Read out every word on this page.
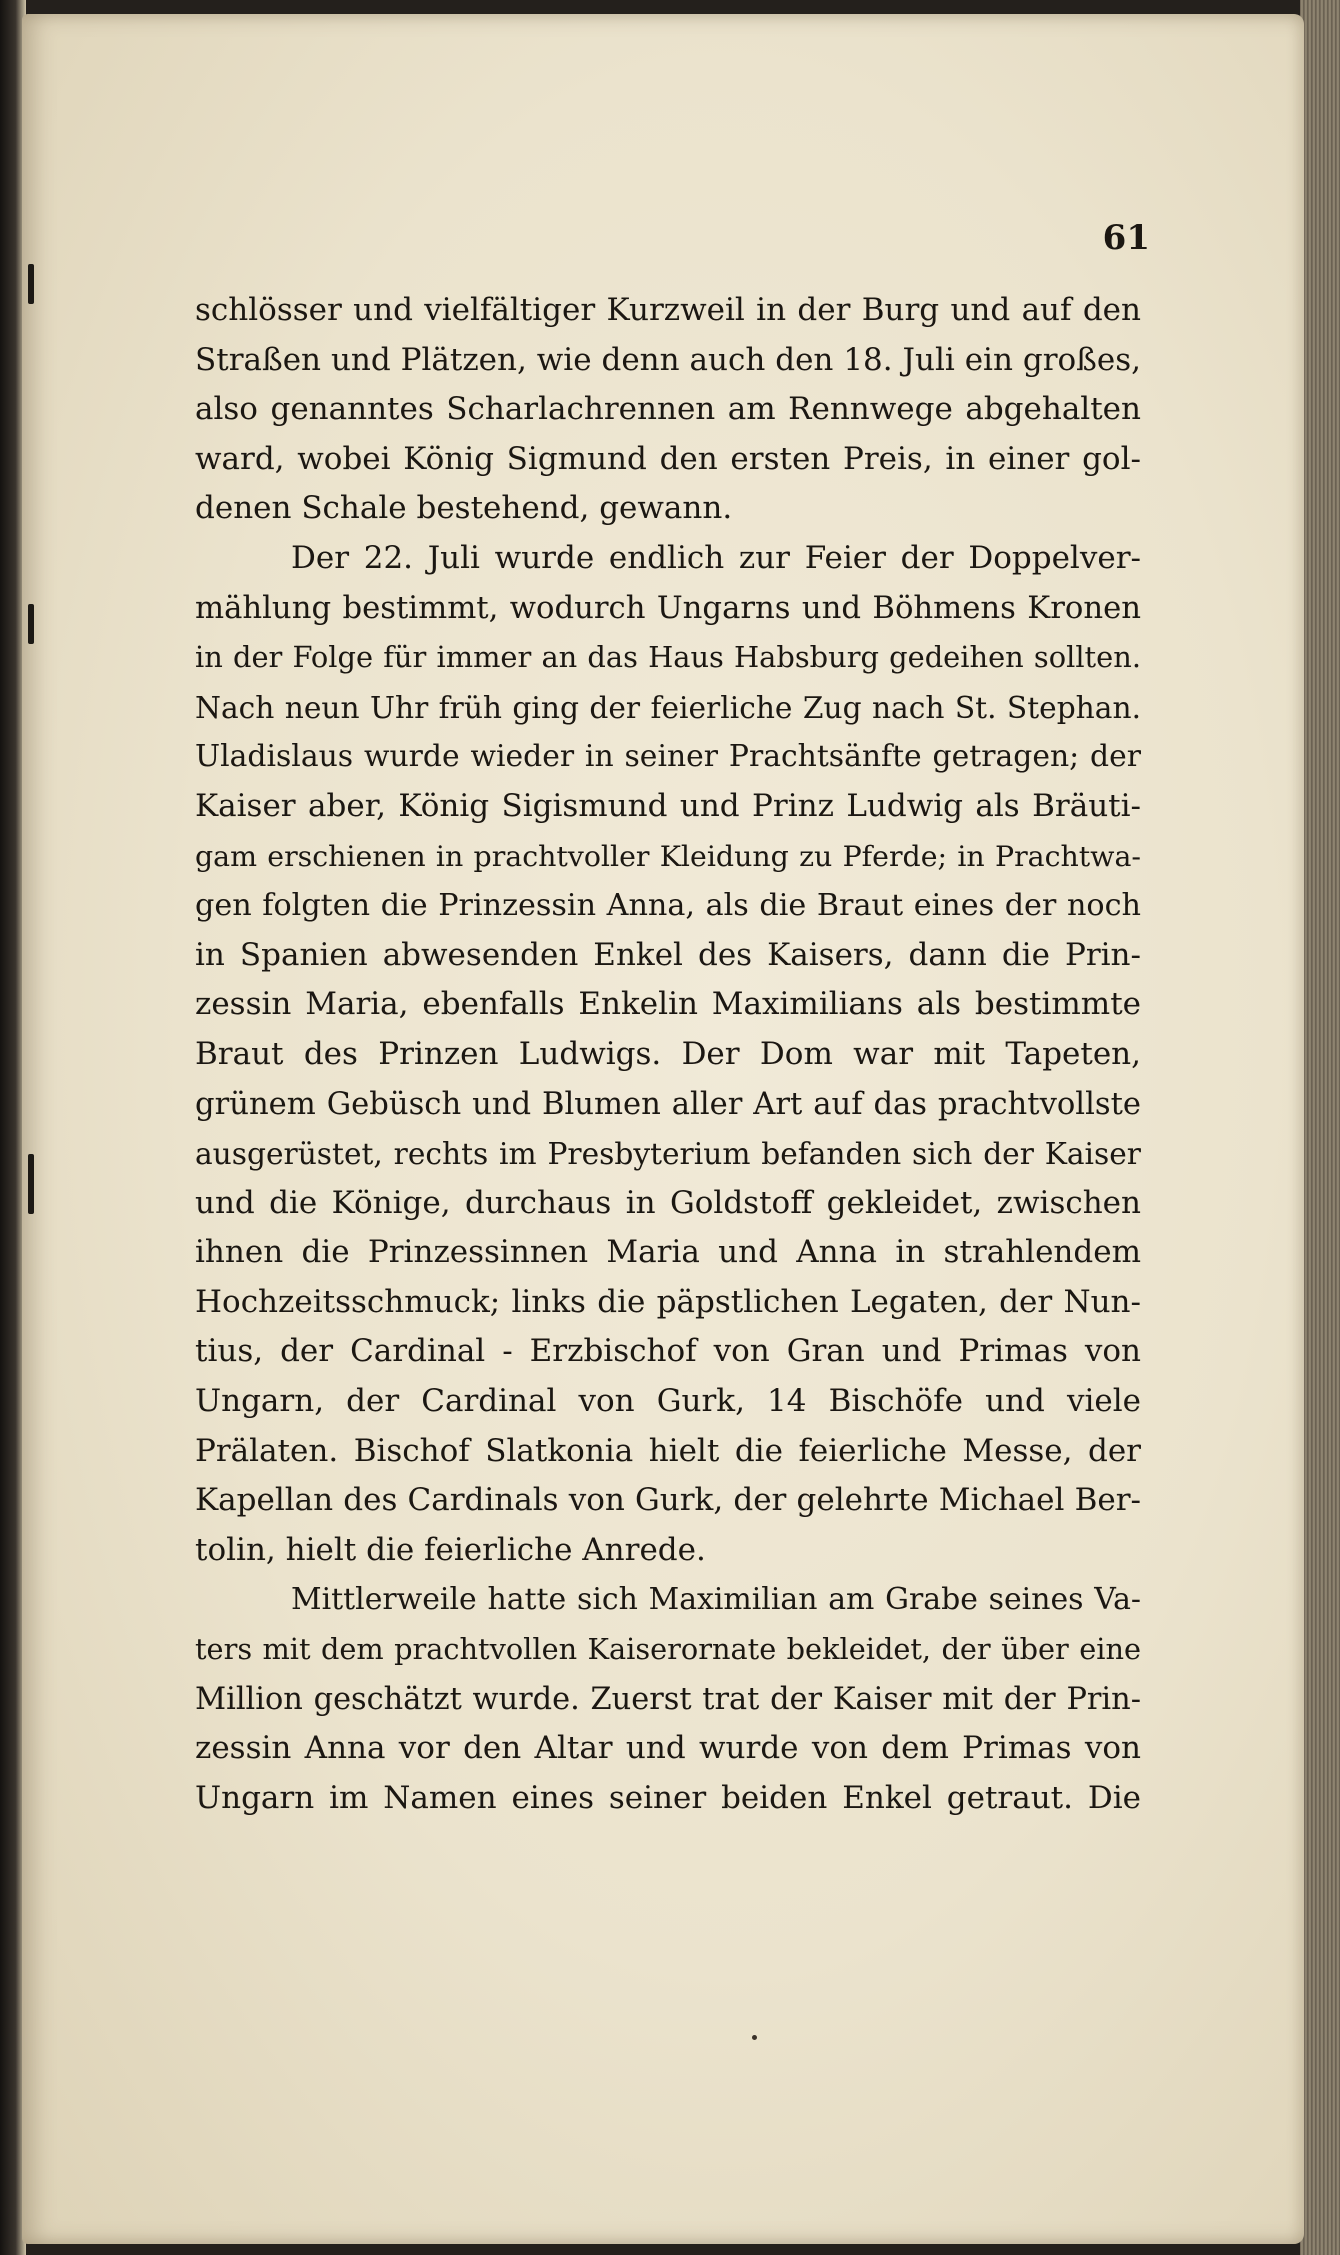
61
schlösser und vielfältiger Kurzweil in der Burg und auf den
Straßen und Plätzen, wie denn auch den 18. Juli ein großes,
also genanntes Scharlachrennen am Rennwege abgehalten
ward, wobei König Sigmund den ersten Preis, in einer gol-
denen Schale bestehend, gewann.
Der 22. Juli wurde endlich zur Feier der Doppelver-
mählung bestimmt, wodurch Ungarns und Böhmens Kronen
in der Folge für immer an das Haus Habsburg gedeihen sollten.
Nach neun Uhr früh ging der feierliche Zug nach St. Stephan.
Uladislaus wurde wieder in seiner Prachtsänfte getragen; der
Kaiser aber, König Sigismund und Prinz Ludwig als Bräuti-
gam erschienen in prachtvoller Kleidung zu Pferde; in Prachtwa-
gen folgten die Prinzessin Anna, als die Braut eines der noch
in Spanien abwesenden Enkel des Kaisers, dann die Prin-
zessin Maria, ebenfalls Enkelin Maximilians als bestimmte
Braut des Prinzen Ludwigs. Der Dom war mit Tapeten,
grünem Gebüsch und Blumen aller Art auf das prachtvollste
ausgerüstet, rechts im Presbyterium befanden sich der Kaiser
und die Könige, durchaus in Goldstoff gekleidet, zwischen
ihnen die Prinzessinnen Maria und Anna in strahlendem
Hochzeitsschmuck; links die päpstlichen Legaten, der Nun-
tius, der Cardinal - Erzbischof von Gran und Primas von
Ungarn, der Cardinal von Gurk, 14 Bischöfe und viele
Prälaten. Bischof Slatkonia hielt die feierliche Messe, der
Kapellan des Cardinals von Gurk, der gelehrte Michael Ber-
tolin, hielt die feierliche Anrede.
Mittlerweile hatte sich Maximilian am Grabe seines Va-
ters mit dem prachtvollen Kaiserornate bekleidet, der über eine
Million geschätzt wurde. Zuerst trat der Kaiser mit der Prin-
zessin Anna vor den Altar und wurde von dem Primas von
Ungarn im Namen eines seiner beiden Enkel getraut. Die
